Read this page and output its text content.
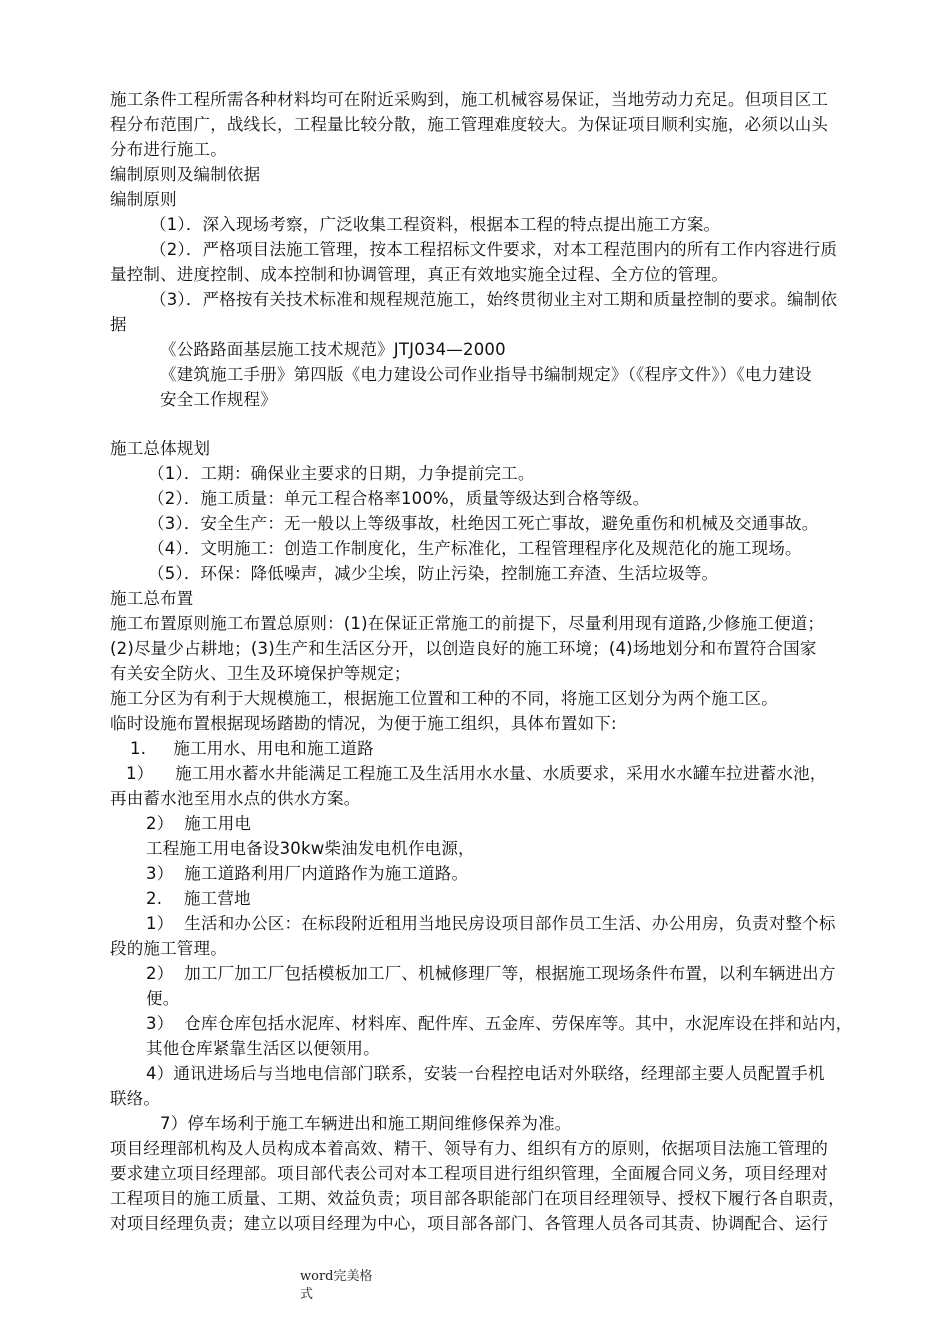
施工条件工程所需各种材料均可在附近采购到，施工机械容易保证，当地劳动力充足。但项目区工
程分布范围广，战线长，工程量比较分散，施工管理难度较大。为保证项目顺利实施，必须以山头
分布进行施工。
编制原则及编制依据
编制原则
（1）．深入现场考察，广泛收集工程资料，根据本工程的特点提出施工方案。
（2）．严格项目法施工管理，按本工程招标文件要求，对本工程范围内的所有工作内容进行质
量控制、进度控制、成本控制和协调管理，真正有效地实施全过程、全方位的管理。
（3）．严格按有关技术标准和规程规范施工，始终贯彻业主对工期和质量控制的要求。编制依
据
《公路路面基层施工技术规范》JTJ034—2000
《建筑施工手册》第四版《电力建设公司作业指导书编制规定》（《程序文件》）《电力建设
安全工作规程》
施工总体规划
（1）．工期：确保业主要求的日期，力争提前完工。
（2）．施工质量：单元工程合格率100%，质量等级达到合格等级。
（3）．安全生产：无一般以上等级事故，杜绝因工死亡事故，避免重伤和机械及交通事故。
（4）．文明施工：创造工作制度化，生产标准化，工程管理程序化及规范化的施工现场。
（5）．环保：降低噪声，减少尘埃，防止污染，控制施工弃渣、生活垃圾等。
施工总布置
施工布置原则施工布置总原则：(1)在保证正常施工的前提下，尽量利用现有道路,少修施工便道；
(2)尽量少占耕地；(3)生产和生活区分开，以创造良好的施工环境；(4)场地划分和布置符合国家
有关安全防火、卫生及环境保护等规定；
施工分区为有利于大规模施工，根据施工位置和工种的不同，将施工区划分为两个施工区。
临时设施布置根据现场踏勘的情况，为便于施工组织，具体布置如下:
1.     施工用水、用电和施工道路
1）    施工用水蓄水井能满足工程施工及生活用水水量、水质要求，采用水水罐车拉进蓄水池，
再由蓄水池至用水点的供水方案。
2）  施工用电
工程施工用电备设30kw柴油发电机作电源，
3）  施工道路利用厂内道路作为施工道路。
2.    施工营地
1）  生活和办公区：在标段附近租用当地民房设项目部作员工生活、办公用房，负责对整个标
段的施工管理。
2）  加工厂加工厂包括模板加工厂、机械修理厂等，根据施工现场条件布置，以利车辆进出方
便。
3）  仓库仓库包括水泥库、材料库、配件库、五金库、劳保库等。其中，水泥库设在拌和站内，
其他仓库紧靠生活区以便领用。
4）通讯进场后与当地电信部门联系，安装一台程控电话对外联络，经理部主要人员配置手机
联络。
7）停车场利于施工车辆进出和施工期间维修保养为准。
项目经理部机构及人员构成本着高效、精干、领导有力、组织有方的原则，依据项目法施工管理的
要求建立项目经理部。项目部代表公司对本工程项目进行组织管理，全面履合同义务，项目经理对
工程项目的施工质量、工期、效益负责；项目部各职能部门在项目经理领导、授权下履行各自职责，
对项目经理负责；建立以项目经理为中心，项目部各部门、各管理人员各司其责、协调配合、运行
word完美格
式
